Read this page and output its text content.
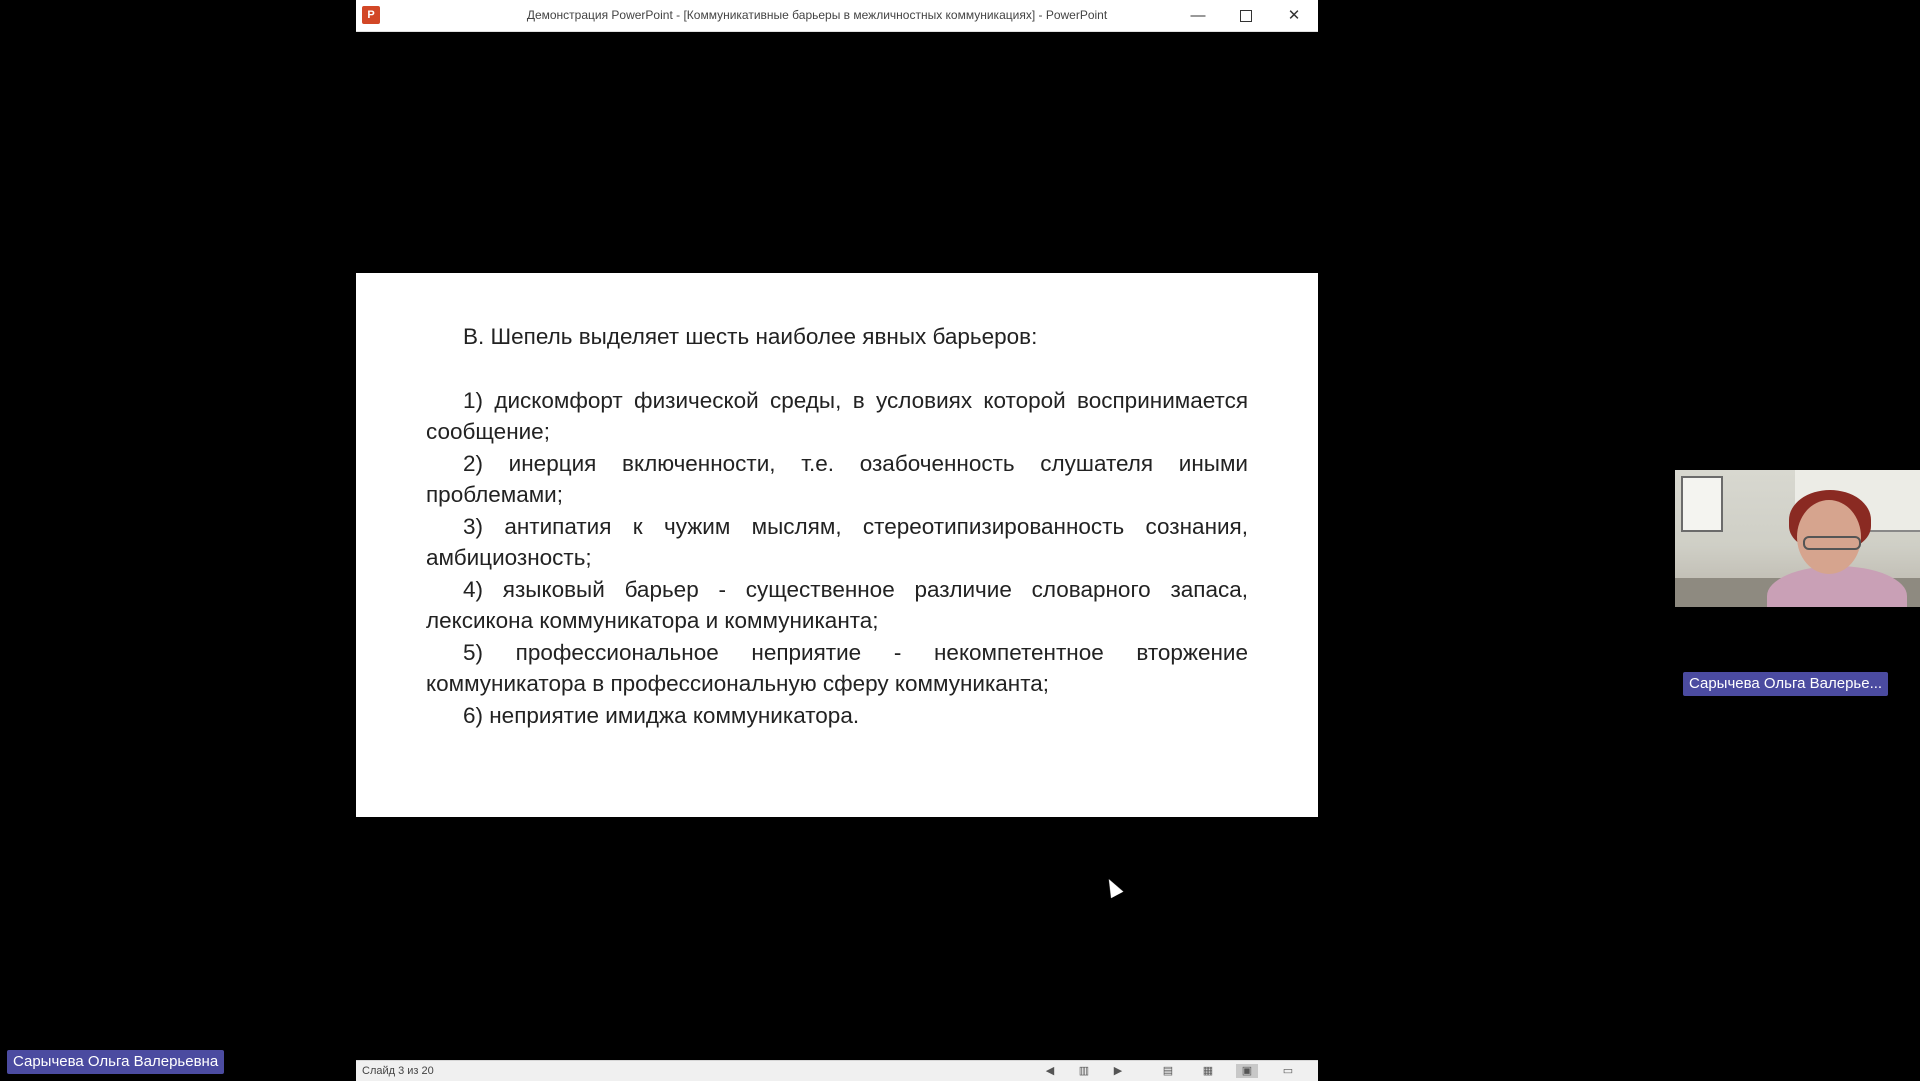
P	Демонстрация PowerPoint - [Коммуникативные барьеры в межличностных коммуникациях] - PowerPoint	—	✕

В. Шепель выделяет шесть наиболее явных барьеров:

1) дискомфорт физической среды, в условиях которой воспринимается сообщение;

2) инерция включенности, т.е. озабоченность слушателя иными проблемами;

3) антипатия к чужим мыслям, стереотипизированность сознания, амбициозность;

4) языковый барьер - существенное различие словарного запаса, лексикона коммуникатора и коммуниканта;

5) профессиональное неприятие - некомпетентное вторжение коммуникатора в профессиональную сферу коммуниканта;

6) неприятие имиджа коммуникатора.

Слайд 3 из 20	◀	▥	▶	▤	▦	▣	▭
Сарычева Ольга Валерье...
Сарычева Ольга Валерьевна
